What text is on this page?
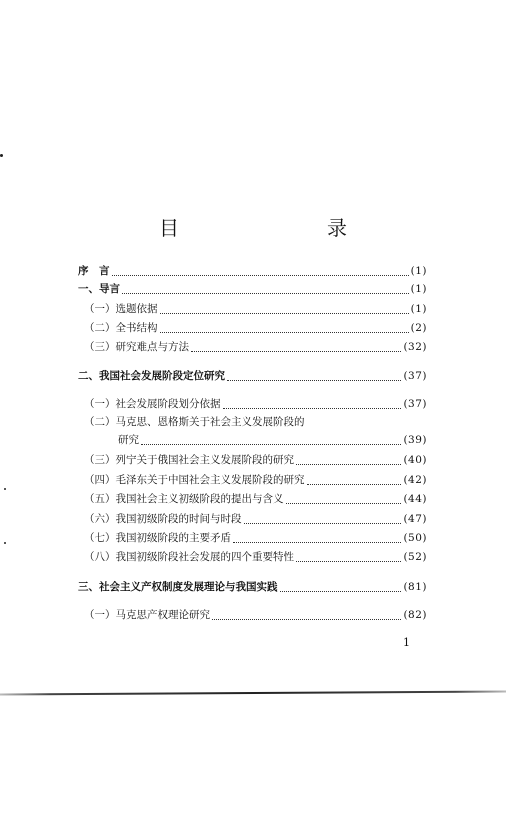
目　　录
序　言	(1)
一、导言	(1)
（一）选题依据	(1)
（二）全书结构	(2)
（三）研究难点与方法	(32)
二、我国社会发展阶段定位研究	(37)
（一）社会发展阶段划分依据	(37)
（二）马克思、恩格斯关于社会主义发展阶段的
研究	(39)
（三）列宁关于俄国社会主义发展阶段的研究	(40)
（四）毛泽东关于中国社会主义发展阶段的研究	(42)
（五）我国社会主义初级阶段的提出与含义	(44)
（六）我国初级阶段的时间与时段	(47)
（七）我国初级阶段的主要矛盾	(50)
（八）我国初级阶段社会发展的四个重要特性	(52)
三、社会主义产权制度发展理论与我国实践	(81)
（一）马克思产权理论研究	(82)
1
